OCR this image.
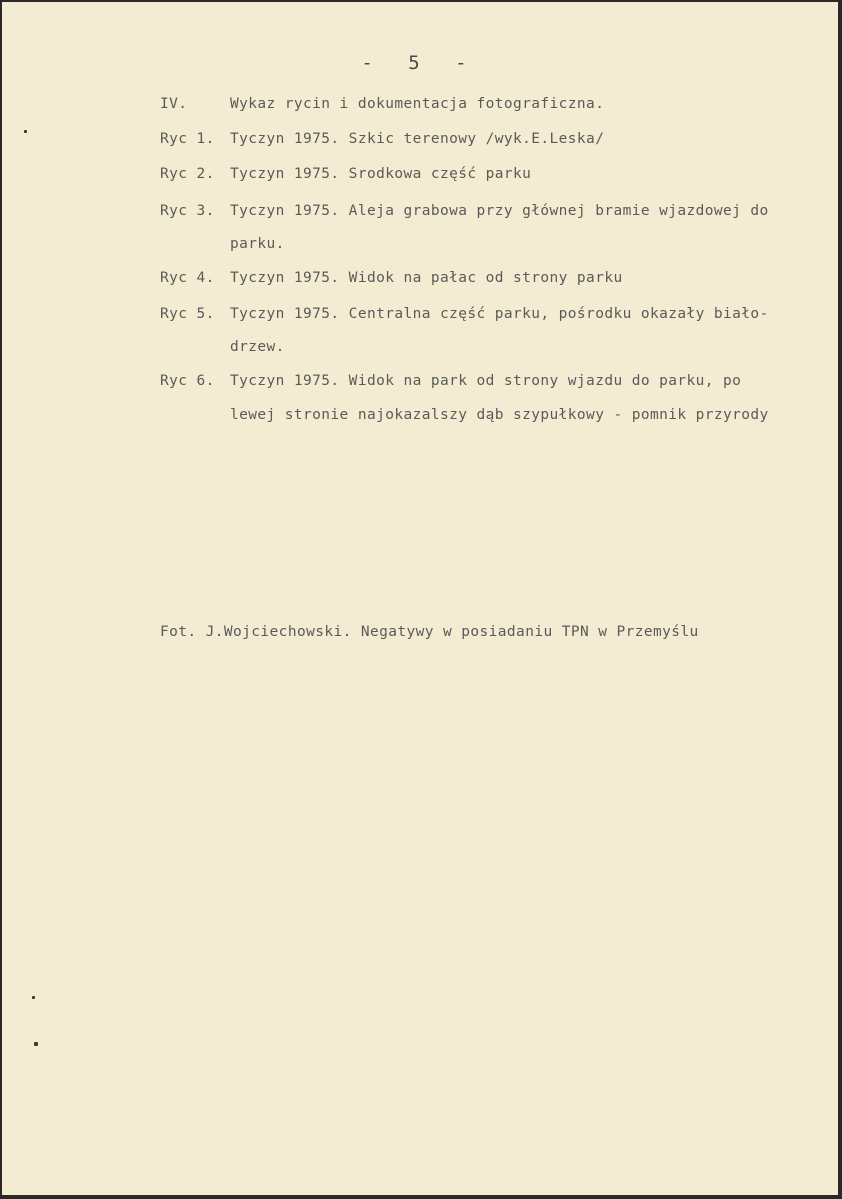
- 5 -
IV.	Wykaz rycin i dokumentacja fotograficzna.
Ryc 1. Tyczyn 1975. Szkic terenowy /wyk.E.Leska/
Ryc 2. Tyczyn 1975. Srodkowa część parku
Ryc 3. Tyczyn 1975. Aleja grabowa przy głównej bramie wjazdowej do
parku.
Ryc 4. Tyczyn 1975. Widok na pałac od strony parku
Ryc 5. Tyczyn 1975. Centralna część parku, pośrodku okazały biało-
drzew.
Ryc 6. Tyczyn 1975. Widok na park od strony wjazdu do parku, po
lewej stronie najokazalszy dąb szypułkowy - pomnik przyrody
Fot. J.Wojciechowski. Negatywy w posiadaniu TPN w Przemyślu
